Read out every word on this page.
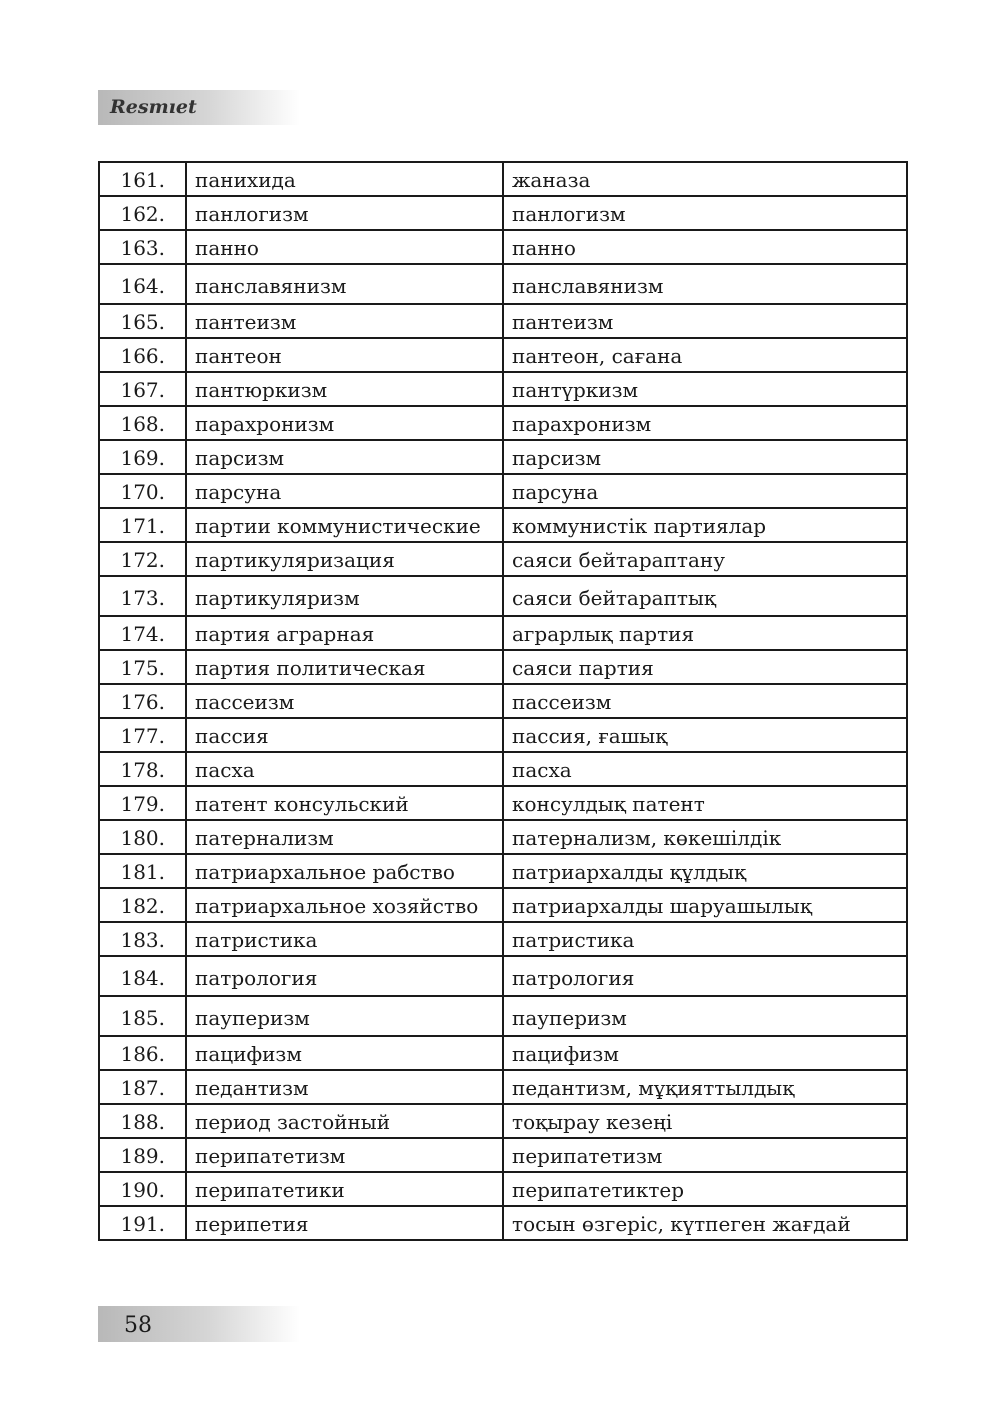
Resmıet
161.	панихида	жаназа
162.	панлогизм	панлогизм
163.	панно	панно
164.	панславянизм	панславянизм
165.	пантеизм	пантеизм
166.	пантеон	пантеон, сағана
167.	пантюркизм	пантүркизм
168.	парахронизм	парахронизм
169.	парсизм	парсизм
170.	парсуна	парсуна
171.	партии коммунистические	коммунистік партиялар
172.	партикуляризация	саяси бейтараптану
173.	партикуляризм	саяси бейтараптық
174.	партия аграрная	аграрлық партия
175.	партия политическая	саяси партия
176.	пассеизм	пассеизм
177.	пассия	пассия, ғашық
178.	пасха	пасха
179.	патент консульский	консулдық патент
180.	патернализм	патернализм, көкешілдік
181.	патриархальное рабство	патриархалды құлдық
182.	патриархальное хозяйство	патриархалды шаруашылық
183.	патристика	патристика
184.	патрология	патрология
185.	пауперизм	пауперизм
186.	пацифизм	пацифизм
187.	педантизм	педантизм, мұқияттылдық
188.	период застойный	тоқырау кезеңі
189.	перипатетизм	перипатетизм
190.	перипатетики	перипатетиктер
191.	перипетия	тосын өзгеріс, күтпеген жағдай
58
